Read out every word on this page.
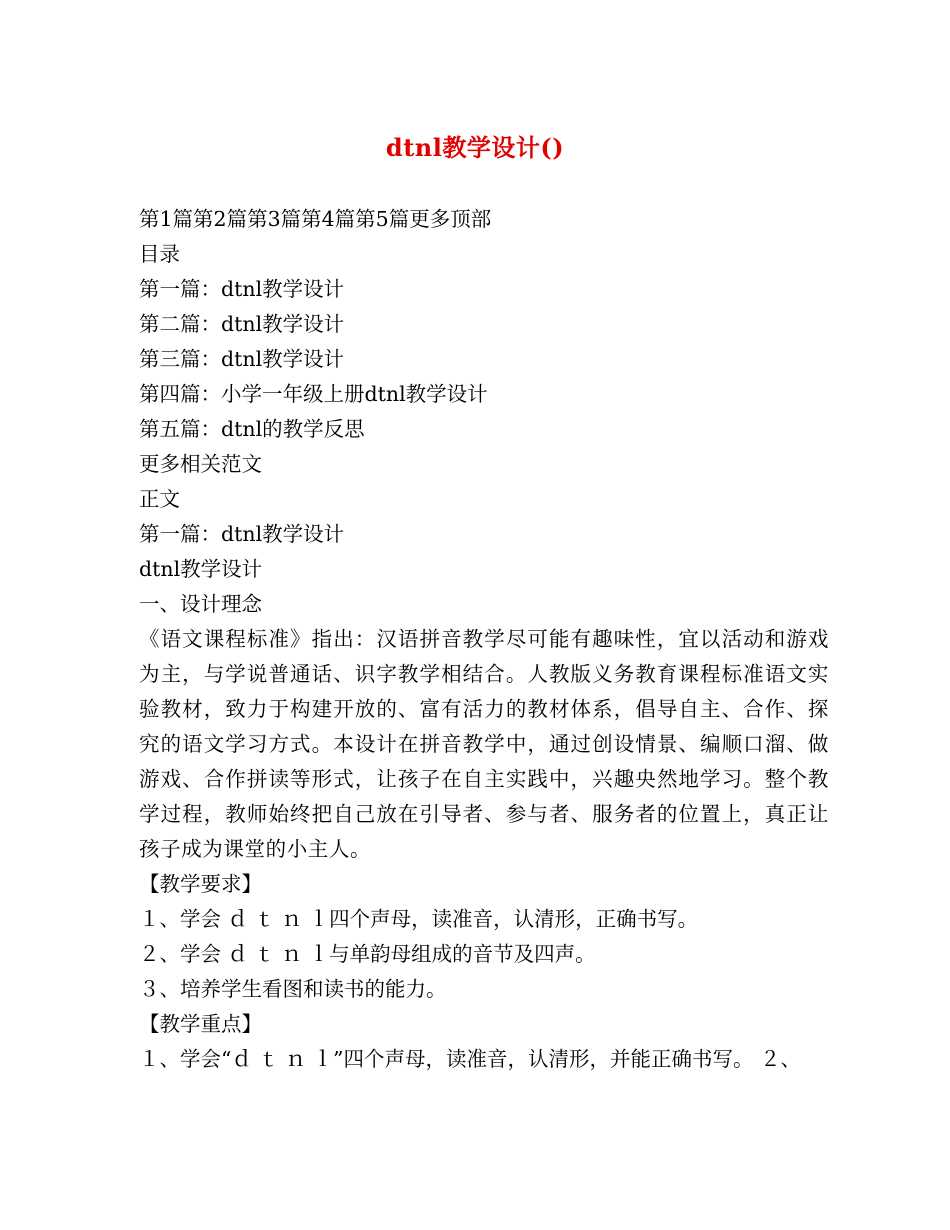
dtnl教学设计()
第1篇第2篇第3篇第4篇第5篇更多顶部
目录
第一篇：dtnl教学设计
第二篇：dtnl教学设计
第三篇：dtnl教学设计
第四篇：小学一年级上册dtnl教学设计
第五篇：dtnl的教学反思
更多相关范文
正文
第一篇：dtnl教学设计
dtnl教学设计
一、设计理念
《语文课程标准》指出：汉语拼音教学尽可能有趣味性，宜以活动和游戏为主，与学说普通话、识字教学相结合。人教版义务教育课程标准语文实验教材，致力于构建开放的、富有活力的教材体系，倡导自主、合作、探究的语文学习方式。本设计在拼音教学中，通过创设情景、编顺口溜、做游戏、合作拼读等形式，让孩子在自主实践中，兴趣央然地学习。整个教学过程，教师始终把自己放在引导者、参与者、服务者的位置上，真正让孩子成为课堂的小主人。
【教学要求】
１、学会 ｄ ｔ ｎ ｌ四个声母，读准音，认清形，正确书写。
２、学会 ｄ ｔ ｎ ｌ与单韵母组成的音节及四声。
３、培养学生看图和读书的能力。
【教学重点】
１、学会“ｄ ｔ ｎ ｌ”四个声母，读准音，认清形，并能正确书写。 ２、
